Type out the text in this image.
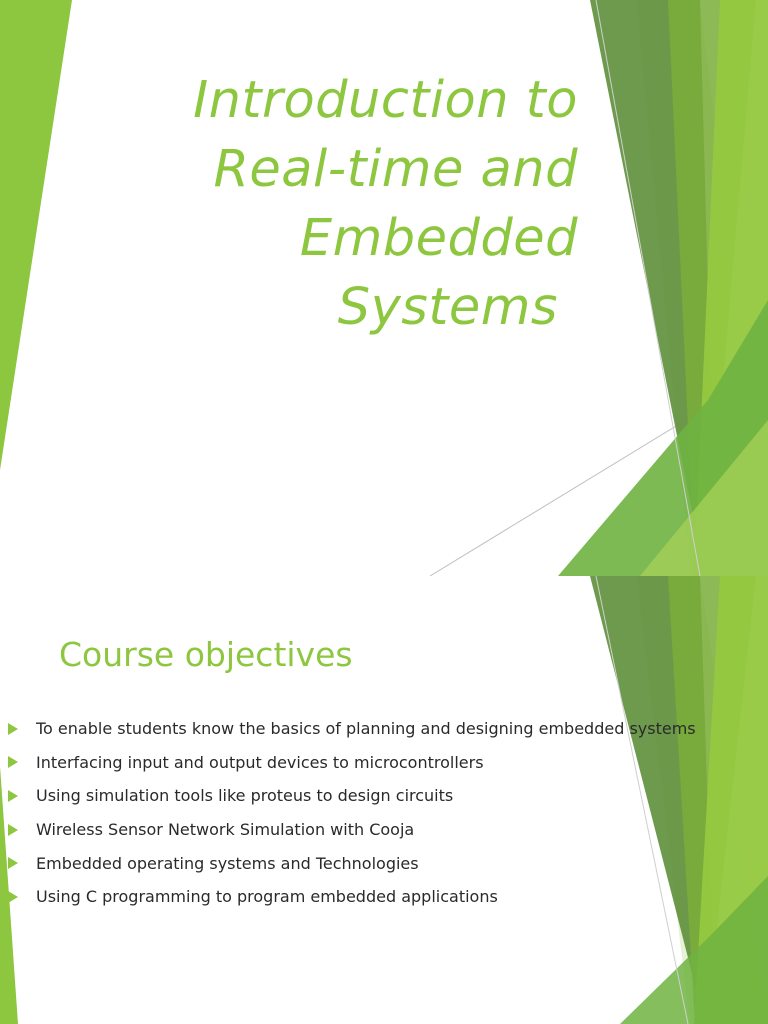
Introduction to
Real-time and
Embedded
Systems
Course objectives
To enable students know the basics of planning and designing embedded systems
Interfacing input and output devices to microcontrollers
Using simulation tools like proteus to design circuits
Wireless Sensor Network Simulation with Cooja
Embedded operating systems and Technologies
Using C programming to program embedded applications
